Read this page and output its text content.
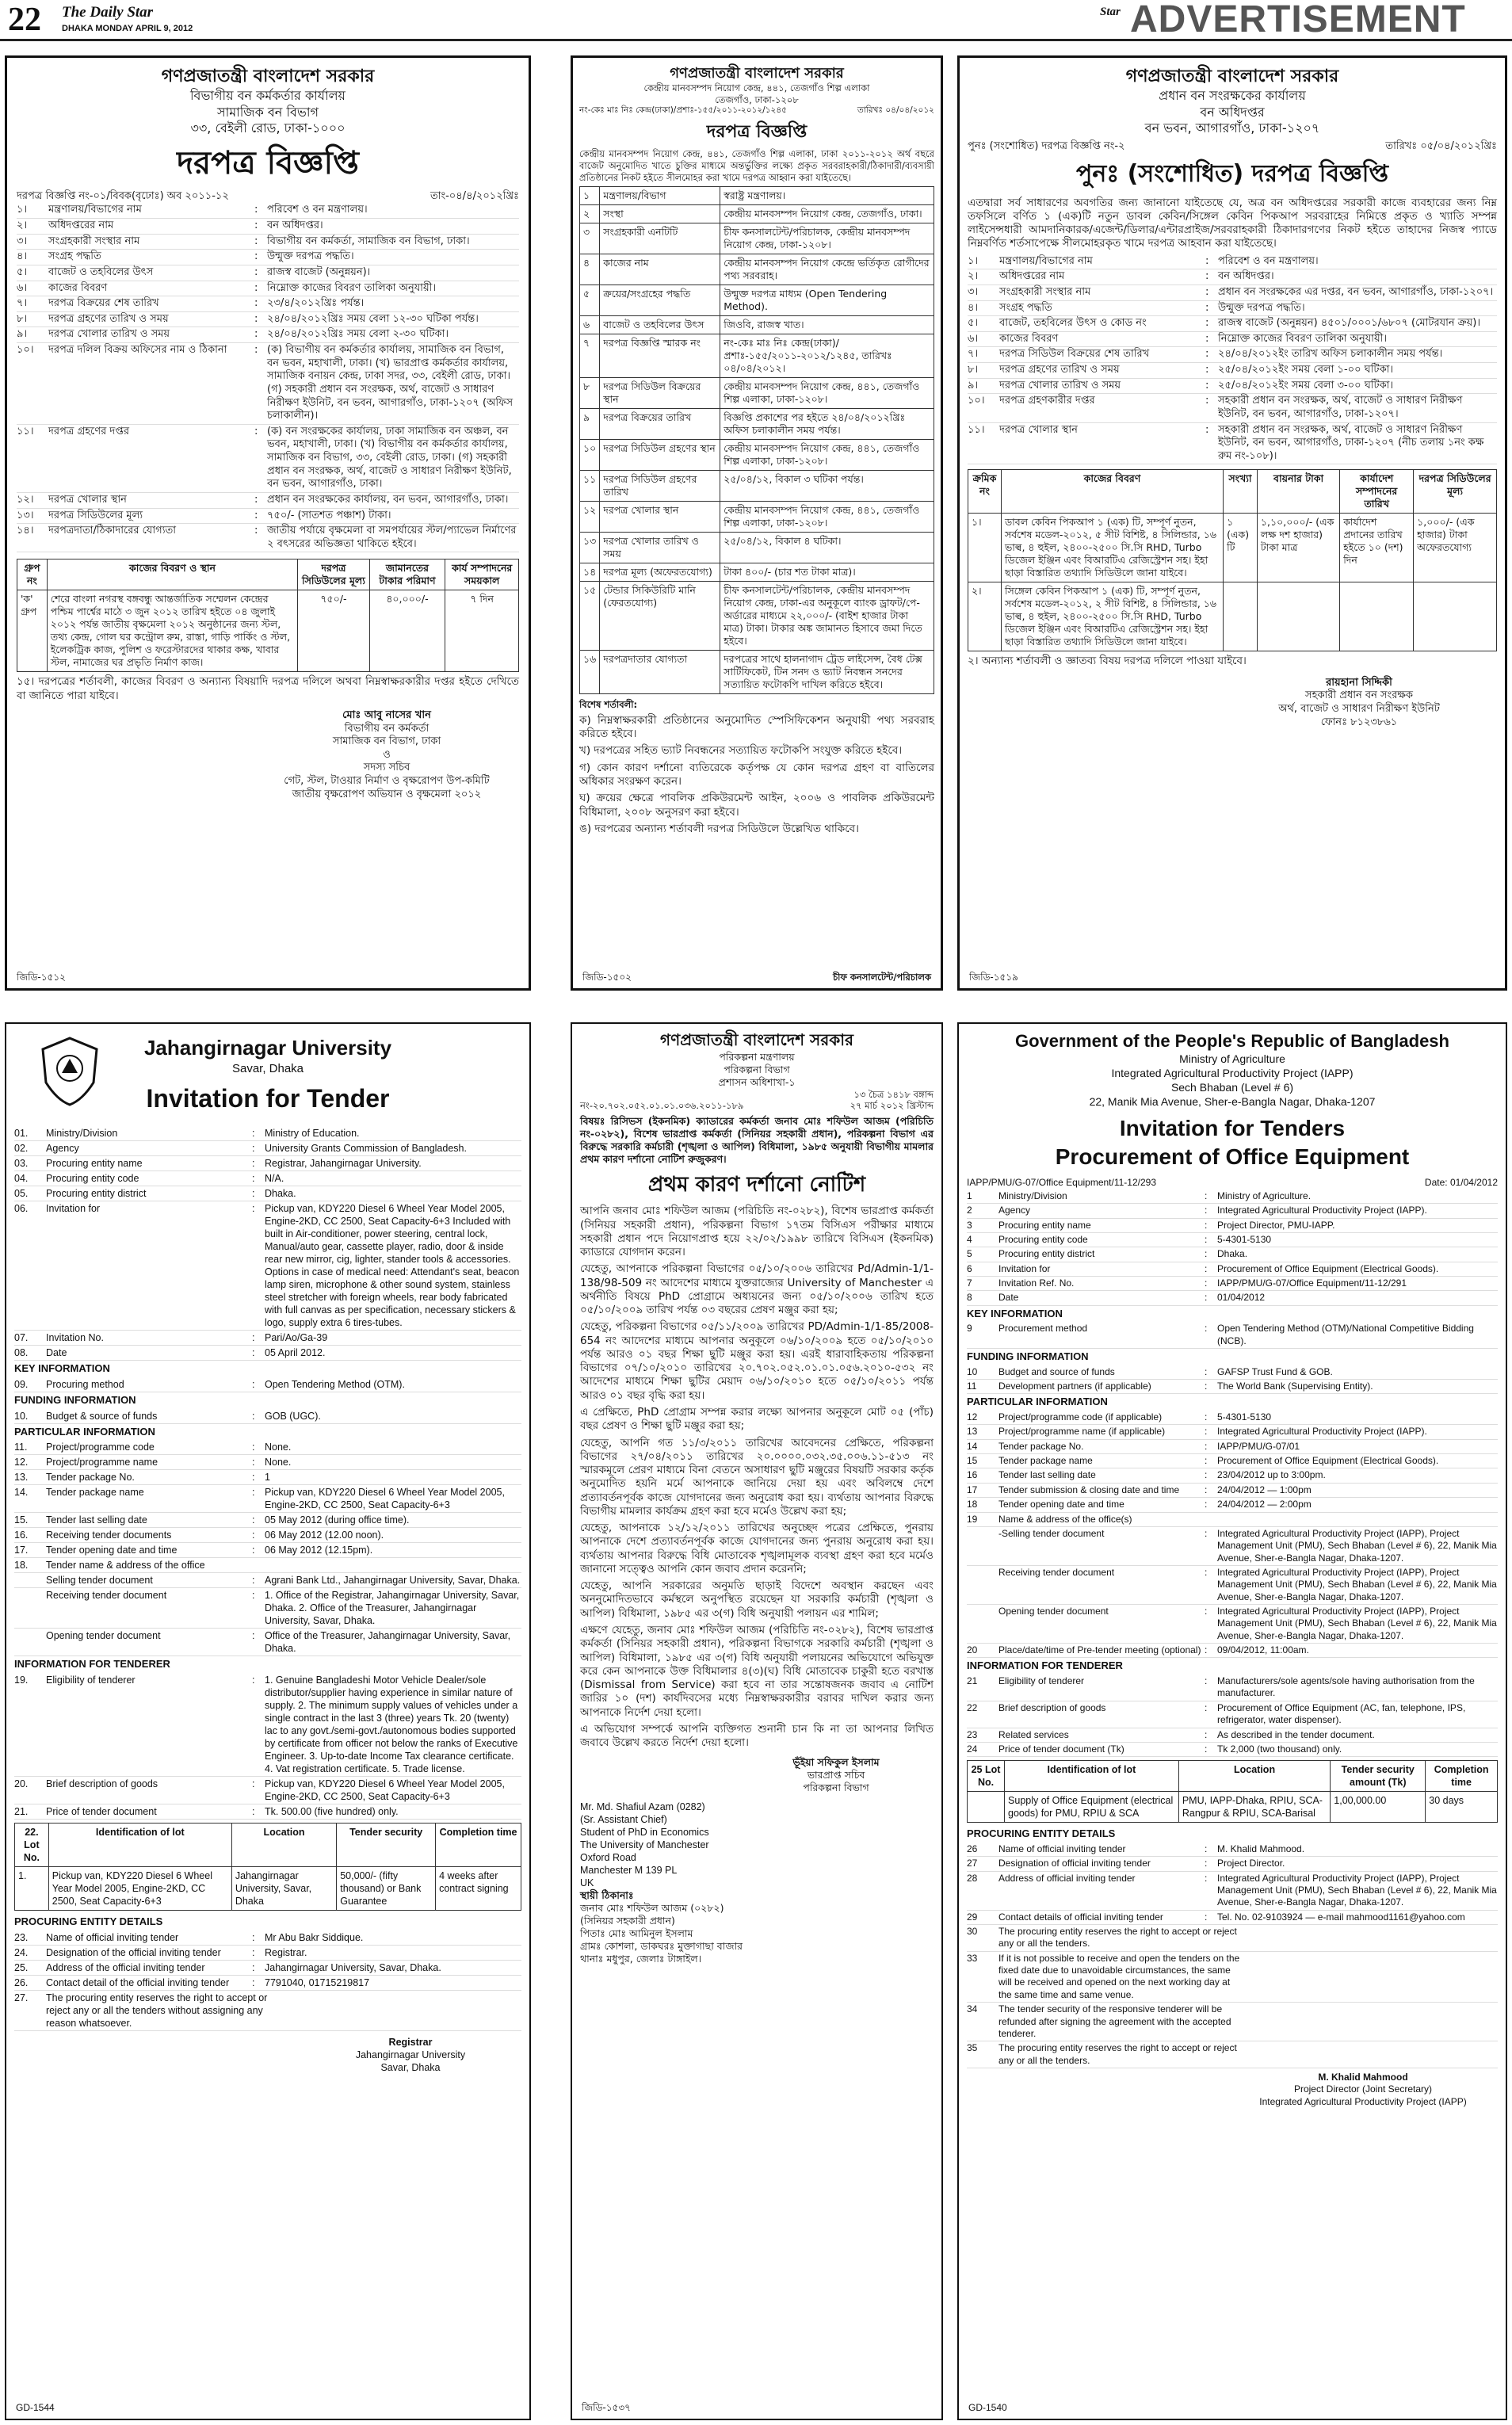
22 The Daily Star
DHAKA MONDAY APRIL 9, 2012
Star ADVERTISEMENT
গণপ্রজাতন্ত্রী বাংলাদেশ সরকার
বিভাগীয় বন কর্মকর্তার কার্যালয়
সামাজিক বন বিভাগ
৩৩, বেইলী রোড, ঢাকা-১০০০
দরপত্র বিজ্ঞপ্তি
দরপত্র বিজ্ঞপ্তি নং-০১/বিবক(বৃঢোঃ) অব ২০১১-১২	তাং-০৪/৪/২০১২খ্রিঃ
১।	মন্ত্রণালয়/বিভাগের নাম	: পরিবেশ ও বন মন্ত্রণালয়।
২।	অধিদপ্তরের নাম	: বন অধিদপ্তর।
৩।	সংগ্রহকারী সংস্থার নাম	: বিভাগীয় বন কর্মকর্তা, সামাজিক বন বিভাগ, ঢাকা।
৪।	সংগ্রহ পদ্ধতি	: উন্মুক্ত দরপত্র পদ্ধতি।
৫।	বাজেট ও তহবিলের উৎস	: রাজস্ব বাজেট (অনুন্নয়ন)।
৬।	কাজের বিবরণ	: নিম্নোক্ত কাজের বিবরণ তালিকা অনুযায়ী।
৭।	দরপত্র বিক্রয়ের শেষ তারিখ	: ২৩/৪/২০১২খ্রিঃ পর্যন্ত।
৮।	দরপত্র গ্রহণের তারিখ ও সময়	: ২৪/০৪/২০১২খ্রিঃ সময় বেলা ১২-৩০ ঘটিকা পর্যন্ত।
৯।	দরপত্র খোলার তারিখ ও সময়	: ২৪/০৪/২০১২খ্রিঃ সময় বেলা ২-৩০ ঘটিকা।
১০।	দরপত্র দলিল বিক্রয় অফিসের নাম ও ঠিকানা	: (ক) বিভাগীয় বন কর্মকর্তার কার্যালয়, সামাজিক বন বিভাগ, বন ভবন, মহাখালী, ঢাকা। (খ) ভারপ্রাপ্ত কর্মকর্তার কার্যালয়, সামাজিক বনায়ন কেন্দ্র, ঢাকা সদর, ৩৩, বেইলী রোড, ঢাকা। (গ) সহকারী প্রধান বন সংরক্ষক, অর্থ, বাজেট ও সাধারণ নিরীক্ষণ ইউনিট, বন ভবন, আগারগাঁও, ঢাকা-১২০৭ (অফিস চলাকালীন)।
১১।	দরপত্র গ্রহণের দপ্তর	: (ক) বন সংরক্ষকের কার্যালয়, ঢাকা সামাজিক বন অঞ্চল, বন ভবন, মহাখালী, ঢাকা। (খ) বিভাগীয় বন কর্মকর্তার কার্যালয়, সামাজিক বন বিভাগ, ৩৩, বেইলী রোড, ঢাকা। (গ) সহকারী প্রধান বন সংরক্ষক, অর্থ, বাজেট ও সাধারণ নিরীক্ষণ ইউনিট, বন ভবন, আগারগাঁও, ঢাকা।
১২।	দরপত্র খোলার স্থান	: প্রধান বন সংরক্ষকের কার্যালয়, বন ভবন, আগারগাঁও, ঢাকা।
১৩।	দরপত্র সিডিউলের মূল্য	: ৭৫০/- (সাতশত পঞ্চাশ) টাকা।
১৪।	দরপত্রদাতা/ঠিকাদারের যোগ্যতা	: জাতীয় পর্যায়ে বৃক্ষমেলা বা সমপর্যায়ের স্টল/প্যাভেল নির্মাণের ২ বৎসরের অভিজ্ঞতা থাকিতে হইবে।
গ্রুপ নং	কাজের বিবরণ ও স্থান	দরপত্র সিডিউলের মূল্য	জামানতের টাকার পরিমাণ	কার্য সম্পাদনের সময়কাল
'ক' গ্রুপ	শেরে বাংলা নগরস্থ বঙ্গবন্ধু আন্তর্জাতিক সম্মেলন কেন্দ্রের পশ্চিম পার্শ্বের মাঠে ৩ জুন ২০১২ তারিখ হইতে ০৪ জুলাই ২০১২ পর্যন্ত জাতীয় বৃক্ষমেলা ২০১২ অনুষ্ঠানের জন্য স্টল, তথ্য কেন্দ্র, গোল ঘর কন্ট্রোল রুম, রাস্তা, গাড়ি পার্কিং ও স্টল, ইলেকট্রিক কাজ, পুলিশ ও ফরেস্টারদের থাকার কক্ষ, খাবার স্টল, নামাজের ঘর প্রভৃতি নির্মাণ কাজ।	৭৫০/-	৪০,০০০/-	৭ দিন
১৫। দরপত্রের শর্তাবলী, কাজের বিবরণ ও অন্যান্য বিষয়াদি দরপত্র দলিলে অথবা নিম্নস্বাক্ষরকারীর দপ্তর হইতে দেখিতে বা জানিতে পারা যাইবে।
মোঃ আবু নাসের খান
বিভাগীয় বন কর্মকর্তা
সামাজিক বন বিভাগ, ঢাকা
ও
সদস্য সচিব
গেট, স্টল, টাওয়ার নির্মাণ ও বৃক্ষরোপণ উপ-কমিটি
জাতীয় বৃক্ষরোপণ অভিযান ও বৃক্ষমেলা ২০১২
জিডি-১৫১২
গণপ্রজাতন্ত্রী বাংলাদেশ সরকার
কেন্দ্রীয় মানবসম্পদ নিয়োগ কেন্দ্র, ৪৪১, তেজগাঁও শিল্প এলাকা
তেজগাঁও, ঢাকা-১২০৮
নং-কেঃ মাঃ নিঃ কেন্দ্র(ঢাকা)/প্রশাঃ-১৫৫/২০১১-২০১২/১২৪৫	তারিখঃ ০৪/০৪/২০১২
দরপত্র বিজ্ঞপ্তি
কেন্দ্রীয় মানবসম্পদ নিয়োগ কেন্দ্র, ৪৪১, তেজগাঁও শিল্প এলাকা, ঢাকা ২০১১-২০১২ অর্থ বছরে বাজেট অনুমোদিত খাতে চুক্তির মাধ্যমে অন্তর্ভুক্তির লক্ষ্যে প্রকৃত সরবরাহকারী/ঠিকাদারী/ব্যবসায়ী প্রতিষ্ঠানের নিকট হইতে সীলমোহর করা খামে দরপত্র আহ্বান করা যাইতেছে।
১	মন্ত্রণালয়/বিভাগ	স্বরাষ্ট্র মন্ত্রণালয়।
২	সংস্থা	কেন্দ্রীয় মানবসম্পদ নিয়োগ কেন্দ্র, তেজগাঁও, ঢাকা।
৩	সংগ্রহকারী এনটিটি	চীফ কনসালটেন্ট/পরিচালক, কেন্দ্রীয় মানবসম্পদ নিয়োগ কেন্দ্র, ঢাকা-১২০৮।
৪	কাজের নাম	কেন্দ্রীয় মানবসম্পদ নিয়োগ কেন্দ্রে ভর্তিকৃত রোগীদের পথ্য সরবরাহ।
৫	ক্রয়ের/সংগ্রহের পদ্ধতি	উন্মুক্ত দরপত্র মাধ্যম (Open Tendering Method).
৬	বাজেট ও তহবিলের উৎস	জিওবি, রাজস্ব খাত।
৭	দরপত্র বিজ্ঞপ্তি স্মারক নং	নং-কেঃ মাঃ নিঃ কেন্দ্র(ঢাকা)/প্রশাঃ-১৫৫/২০১১-২০১২/১২৪৫, তারিখঃ ০৪/০৪/২০১২।
৮	দরপত্র সিডিউল বিক্রয়ের স্থান	কেন্দ্রীয় মানবসম্পদ নিয়োগ কেন্দ্র, ৪৪১, তেজগাঁও শিল্প এলাকা, ঢাকা-১২০৮।
৯	দরপত্র বিক্রয়ের তারিখ	বিজ্ঞপ্তি প্রকাশের পর হইতে ২৪/০৪/২০১২খ্রিঃ অফিস চলাকালীন সময় পর্যন্ত।
১০	দরপত্র সিডিউল গ্রহণের স্থান	কেন্দ্রীয় মানবসম্পদ নিয়োগ কেন্দ্র, ৪৪১, তেজগাঁও শিল্প এলাকা, ঢাকা-১২০৮।
১১	দরপত্র সিডিউল গ্রহণের তারিখ	২৫/০৪/১২, বিকাল ৩ ঘটিকা পর্যন্ত।
১২	দরপত্র খোলার স্থান	কেন্দ্রীয় মানবসম্পদ নিয়োগ কেন্দ্র, ৪৪১, তেজগাঁও শিল্প এলাকা, ঢাকা-১২০৮।
১৩	দরপত্র খোলার তারিখ ও সময়	২৫/০৪/১২, বিকাল ৪ ঘটিকা।
১৪	দরপত্র মূল্য (অফেরতযোগ্য)	টাকা ৪০০/- (চার শত টাকা মাত্র)।
১৫	টেন্ডার সিকিউরিটি মানি (ফেরতযোগ্য)	চীফ কনসালটেন্ট/পরিচালক, কেন্দ্রীয় মানবসম্পদ নিয়োগ কেন্দ্র, ঢাকা-এর অনুকূলে ব্যাংক ড্রাফট/পে-অর্ডারের মাধ্যমে ২২,০০০/- (বাইশ হাজার টাকা মাত্র) টাকা। টাকার অঙ্ক জামানত হিসাবে জমা দিতে হইবে।
১৬	দরপত্রদাতার যোগ্যতা	দরপত্রের সাথে হালনাগাদ ট্রেড লাইসেন্স, বৈধ টেক্স সার্টিফিকেট, টিন সনদ ও ভ্যাট নিবন্ধন সনদের সত্যায়িত ফটোকপি দাখিল করিতে হইবে।
বিশেষ শর্তাবলী:
ক) নিম্নস্বাক্ষরকারী প্রতিষ্ঠানের অনুমোদিত স্পেসিফিকেশন অনুযায়ী পথ্য সরবরাহ করিতে হইবে।
খ) দরপত্রের সহিত ভ্যাট নিবন্ধনের সত্যায়িত ফটোকপি সংযুক্ত করিতে হইবে।
গ) কোন কারণ দর্শানো ব্যতিরেকে কর্তৃপক্ষ যে কোন দরপত্র গ্রহণ বা বাতিলের অধিকার সংরক্ষণ করেন।
ঘ) ক্রয়ের ক্ষেত্রে পাবলিক প্রকিউরমেন্ট আইন, ২০০৬ ও পাবলিক প্রকিউরমেন্ট বিধিমালা, ২০০৮ অনুসরণ করা হইবে।
ঙ) দরপত্রের অন্যান্য শর্তাবলী দরপত্র সিডিউলে উল্লেখিত থাকিবে।
জিডি-১৫০২	চীফ কনসালটেন্ট/পরিচালক
গণপ্রজাতন্ত্রী বাংলাদেশ সরকার
প্রধান বন সংরক্ষকের কার্যালয়
বন অধিদপ্তর
বন ভবন, আগারগাঁও, ঢাকা-১২০৭
পুনঃ (সংশোধিত) দরপত্র বিজ্ঞপ্তি নং-২	তারিখঃ ০৫/০৪/২০১২খ্রিঃ
পুনঃ (সংশোধিত) দরপত্র বিজ্ঞপ্তি
এতদ্বারা সর্ব সাধারণের অবগতির জন্য জানানো যাইতেছে যে, অত্র বন অধিদপ্তরের সরকারী কাজে ব্যবহারের জন্য নিম্ন তফসিলে বর্ণিত ১ (এক)টি নতুন ডাবল কেবিন/সিঙ্গেল কেবিন পিকআপ সরবরাহের নিমিত্তে প্রকৃত ও খ্যাতি সম্পন্ন লাইসেন্সধারী আমদানিকারক/এজেন্ট/ডিলার/এন্টারপ্রাইজ/সরবরাহকারী ঠিকাদারগণের নিকট হইতে তাহাদের নিজস্ব প্যাডে নিম্নবর্ণিত শর্তসাপেক্ষে সীলমোহরকৃত খামে দরপত্র আহবান করা যাইতেছে।
১।	মন্ত্রণালয়/বিভাগের নাম	: পরিবেশ ও বন মন্ত্রণালয়।
২।	অধিদপ্তরের নাম	: বন অধিদপ্তর।
৩।	সংগ্রহকারী সংস্থার নাম	: প্রধান বন সংরক্ষকের এর দপ্তর, বন ভবন, আগারগাঁও, ঢাকা-১২০৭।
৪।	সংগ্রহ পদ্ধতি	: উন্মুক্ত দরপত্র পদ্ধতি।
৫।	বাজেট, তহবিলের উৎস ও কোড নং	: রাজস্ব বাজেট (অনুন্নয়ন) ৪৫০১/০০০১/৬৮০৭ (মোটরযান ক্রয়)।
৬।	কাজের বিবরণ	: নিম্নোক্ত কাজের বিবরণ তালিকা অনুযায়ী।
৭।	দরপত্র সিডিউল বিক্রয়ের শেষ তারিখ	: ২৪/০৪/২০১২ইং তারিখ অফিস চলাকালীন সময় পর্যন্ত।
৮।	দরপত্র গ্রহণের তারিখ ও সময়	: ২৫/০৪/২০১২ইং সময় বেলা ১-০০ ঘটিকা।
৯।	দরপত্র খোলার তারিখ ও সময়	: ২৫/০৪/২০১২ইং সময় বেলা ৩-০০ ঘটিকা।
১০।	দরপত্র গ্রহণকারীর দপ্তর	: সহকারী প্রধান বন সংরক্ষক, অর্থ, বাজেট ও সাধারণ নিরীক্ষণ ইউনিট, বন ভবন, আগারগাঁও, ঢাকা-১২০৭।
১১।	দরপত্র খোলার স্থান	: সহকারী প্রধান বন সংরক্ষক, অর্থ, বাজেট ও সাধারণ নিরীক্ষণ ইউনিট, বন ভবন, আগারগাঁও, ঢাকা-১২০৭ (নীচ তলায় ১নং কক্ষ রুম নং-১০৮)।
ক্রমিক নং	কাজের বিবরণ	সংখ্যা	বায়নার টাকা	কার্যাদেশ সম্পাদনের তারিখ	দরপত্র সিডিউলের মূল্য
১।	ডাবল কেবিন পিকআপ ১ (এক) টি, সম্পূর্ণ নুতন, সর্বশেষ মডেল-২০১২, ৫ সীট বিশিষ্ট, ৪ সিলিন্ডার, ১৬ ভাল্ব, ৪ হুইল, ২৪০০-২৫০০ সি.সি RHD, Turbo ডিজেল ইঞ্জিন এবং বিআরটিএ রেজিস্ট্রেশন সহ। ইহা ছাড়া বিস্তারিত তথ্যাদি সিডিউলে জানা যাইবে।	১ (এক) টি	১,১০,০০০/- (এক লক্ষ দশ হাজার) টাকা মাত্র	কার্যাদেশ প্রদানের তারিখ হইতে ১০ (দশ) দিন	১,০০০/- (এক হাজার) টাকা অফেরতযোগ্য
২।	সিঙ্গেল কেবিন পিকআপ ১ (এক) টি, সম্পূর্ণ নুতন, সর্বশেষ মডেল-২০১২, ২ সীট বিশিষ্ট, ৪ সিলিন্ডার, ১৬ ভাল্ব, ৪ হুইল, ২৪০০-২৫০০ সি.সি RHD, Turbo ডিজেল ইঞ্জিন এবং বিআরটিএ রেজিস্ট্রেশন সহ। ইহা ছাড়া বিস্তারিত তথ্যাদি সিডিউলে জানা যাইবে।				
২। অন্যান্য শর্তাবলী ও জ্ঞাতব্য বিষয় দরপত্র দলিলে পাওয়া যাইবে।
রায়হানা সিদ্দিকী
সহকারী প্রধান বন সংরক্ষক
অর্থ, বাজেট ও সাধারণ নিরীক্ষণ ইউনিট
ফোনঃ ৮১২৩৮৬১
জিডি-১৫১৯
Jahangirnagar University
Savar, Dhaka
Invitation for Tender
01.	Ministry/Division	:	Ministry of Education.
02.	Agency	:	University Grants Commission of Bangladesh.
03.	Procuring entity name	:	Registrar, Jahangirnagar University.
04.	Procuring entity code	:	N/A.
05.	Procuring entity district	:	Dhaka.
06.	Invitation for	:	Pickup van, KDY220 Diesel 6 Wheel Year Model 2005, Engine-2KD, CC 2500, Seat Capacity-6+3 Included with built in Air-conditioner, power steering, central lock, Manual/auto gear, cassette player, radio, door & inside rear new mirror, cig, lighter, stander tools & accessories. Options in case of medical need: Attendant's seat, beacon lamp siren, microphone & other sound system, stainless steel stretcher with foreign wheels, rear body fabricated with full canvas as per specification, necessary stickers & logo, supply extra 6 tires-tubes.
07.	Invitation No.	:	Pari/Ao/Ga-39
08.	Date	:	05 April 2012.
KEY INFORMATION
09.	Procuring method	:	Open Tendering Method (OTM).
FUNDING INFORMATION
10.	Budget & source of funds	:	GOB (UGC).
PARTICULAR INFORMATION
11.	Project/programme code	:	None.
12.	Project/programme name	:	None.
13.	Tender package No.	:	1
14.	Tender package name	:	Pickup van, KDY220 Diesel 6 Wheel Year Model 2005, Engine-2KD, CC 2500, Seat Capacity-6+3
15.	Tender last selling date	:	05 May 2012 (during office time).
16.	Receiving tender documents	:	06 May 2012 (12.00 noon).
17.	Tender opening date and time	:	06 May 2012 (12.15pm).
18.	Tender name & address of the office
Selling tender document	:	Agrani Bank Ltd., Jahangirnagar University, Savar, Dhaka.
Receiving tender document	:	1. Office of the Registrar, Jahangirnagar University, Savar, Dhaka. 2. Office of the Treasurer, Jahangirnagar University, Savar, Dhaka.
Opening tender document	:	Office of the Treasurer, Jahangirnagar University, Savar, Dhaka.
INFORMATION FOR TENDERER
19.	Eligibility of tenderer	:	1. Genuine Bangladeshi Motor Vehicle Dealer/sole distributor/supplier having experience in similar nature of supply. 2. The minimum supply values of vehicles under a single contract in the last 3 (three) years Tk. 20 (twenty) lac to any govt./semi-govt./autonomous bodies supported by certificate from officer not below the ranks of Executive Engineer. 3. Up-to-date Income Tax clearance certificate. 4. Vat registration certificate. 5. Trade license.
20.	Brief description of goods	:	Pickup van, KDY220 Diesel 6 Wheel Year Model 2005, Engine-2KD, CC 2500, Seat Capacity-6+3
21.	Price of tender document	:	Tk. 500.00 (five hundred) only.
22. Lot No.	Identification of lot	Location	Tender security	Completion time
1.	Pickup van, KDY220 Diesel 6 Wheel Year Model 2005, Engine-2KD, CC 2500, Seat Capacity-6+3	Jahangirnagar University, Savar, Dhaka	50,000/- (fifty thousand) or Bank Guarantee	4 weeks after contract signing
PROCURING ENTITY DETAILS
23.	Name of official inviting tender	:	Mr Abu Bakr Siddique.
24.	Designation of the official inviting tender	:	Registrar.
25.	Address of the official inviting tender	:	Jahangirnagar University, Savar, Dhaka.
26.	Contact detail of the official inviting tender	:	7791040, 01715219817
27.	The procuring entity reserves the right to accept or reject any or all the tenders without assigning any reason whatsoever.
Registrar
Jahangirnagar University
Savar, Dhaka
GD-1544
গণপ্রজাতন্ত্রী বাংলাদেশ সরকার
পরিকল্পনা মন্ত্রণালয়
পরিকল্পনা বিভাগ
প্রশাসন অধিশাখা-১
১৩ চৈত্র ১৪১৮ বঙ্গাব্দ
নং-২০.৭০২.০৫২.০১.০১.০৩৬.২০১১-১৮৯	২৭ মার্চ ২০১২ খ্রিস্টাব্দ
বিষয়ঃ রিসিভস (ইকনমিক) ক্যাডারের কর্মকর্তা জনাব মোঃ শফিউল আজম (পরিচিতি নং-০২৮২), বিশেষ ভারপ্রাপ্ত কর্মকর্তা (সিনিয়র সহকারী প্রধান), পরিকল্পনা বিভাগ এর বিরুদ্ধে সরকারি কর্মচারী (শৃঙ্খলা ও আপিল) বিধিমালা, ১৯৮৫ অনুযায়ী বিভাগীয় মামলার প্রথম কারণ দর্শানো নোটিশ রুজুকরণ।
প্রথম কারণ দর্শানো নোটিশ
আপনি জনাব মোঃ শফিউল আজম (পরিচিতি নং-০২৮২), বিশেষ ভারপ্রাপ্ত কর্মকর্তা (সিনিয়র সহকারী প্রধান), পরিকল্পনা বিভাগ ১৭তম বিসিএস পরীক্ষার মাধ্যমে সহকারী প্রধান পদে নিয়োগপ্রাপ্ত হয়ে ২২/০২/১৯৯৮ তারিখে বিসিএস (ইকনমিক) ক্যাডারে যোগদান করেন।
যেহেতু, আপনাকে পরিকল্পনা বিভাগের ০৫/১০/২০০৬ তারিখের Pd/Admin-1/1-138/98-509 নং আদেশের মাধ্যমে যুক্তরাজ্যের University of Manchester এ অর্থনীতি বিষয়ে PhD প্রোগ্রামে অধ্যয়নের জন্য ০৫/১০/২০০৬ তারিখ হতে ০৫/১০/২০০৯ তারিখ পর্যন্ত ০৩ বছরের প্রেষণ মঞ্জুর করা হয়;
যেহেতু, পরিকল্পনা বিভাগের ০৫/১১/২০০৯ তারিখের PD/Admin-1/1-85/2008-654 নং আদেশের মাধ্যমে আপনার অনুকূলে ০৬/১০/২০০৯ হতে ০৫/১০/২০১০ পর্যন্ত আরও ০১ বছর শিক্ষা ছুটি মঞ্জুর করা হয়। এরই ধারাবাহিকতায় পরিকল্পনা বিভাগের ০৭/১০/২০১০ তারিখের ২০.৭০২.০৫২.০১.০১.০৫৬.২০১০-৫৩২ নং আদেশের মাধ্যমে শিক্ষা ছুটির মেয়াদ ০৬/১০/২০১০ হতে ০৫/১০/২০১১ পর্যন্ত আরও ০১ বছর বৃদ্ধি করা হয়।
এ প্রেক্ষিতে, PhD প্রোগ্রাম সম্পন্ন করার লক্ষ্যে আপনার অনুকূলে মোট ০৫ (পাঁচ) বছর প্রেষণ ও শিক্ষা ছুটি মঞ্জুর করা হয়;
যেহেতু, আপনি গত ১১/৩/২০১১ তারিখের আবেদনের প্রেক্ষিতে, পরিকল্পনা বিভাগের ২৭/০৪/২০১১ তারিখের ২০.০০০০.০৩২.৩৫.০০৬.১১-৫১৩ নং স্মারকমূলে প্রেরণ মাধ্যমে বিনা বেতনে অসাধারণ ছুটি মঞ্জুরের বিষয়টি সরকার কর্তৃক অনুমোদিত হয়নি মর্মে আপনাকে জানিয়ে দেয়া হয় এবং অবিলম্বে দেশে প্রত্যাবর্তনপূর্বক কাজে যোগদানের জন্য অনুরোধ করা হয়। ব্যর্থতায় আপনার বিরুদ্ধে বিভাগীয় মামলার কার্যক্রম গ্রহণ করা হবে মর্মেও উল্লেখ করা হয়;
যেহেতু, আপনাকে ১২/১২/২০১১ তারিখের অনুচ্ছেদ পত্রের প্রেক্ষিতে, পুনরায় আপনাকে দেশে প্রত্যাবর্তনপূর্বক কাজে যোগদানের জন্য পুনরায় অনুরোধ করা হয়। ব্যর্থতায় আপনার বিরুদ্ধে বিধি মোতাবেক শৃঙ্খলামূলক ব্যবস্থা গ্রহণ করা হবে মর্মেও জানানো সত্ত্বেও আপনি কোন জবাব প্রদান করেননি;
যেহেতু, আপনি সরকারের অনুমতি ছাড়াই বিদেশে অবস্থান করছেন এবং অননুমোদিতভাবে কর্মস্থলে অনুপস্থিত রয়েছেন যা সরকারি কর্মচারী (শৃঙ্খলা ও আপিল) বিধিমালা, ১৯৮৫ এর ৩(গ) বিধি অনুযায়ী পলায়ন এর শামিল;
এক্ষণে যেহেতু, জনাব মোঃ শফিউল আজম (পরিচিতি নং-০২৮২), বিশেষ ভারপ্রাপ্ত কর্মকর্তা (সিনিয়র সহকারী প্রধান), পরিকল্পনা বিভাগকে সরকারি কর্মচারী (শৃঙ্খলা ও আপিল) বিধিমালা, ১৯৮৫ এর ৩(গ) বিধি অনুযায়ী পলায়নের অভিযোগে অভিযুক্ত করে কেন আপনাকে উক্ত বিধিমালার ৪(৩)(ঘ) বিধি মোতাবেক চাকুরী হতে বরখাস্ত (Dismissal from Service) করা হবে না তার সন্তোষজনক জবাব এ নোটিশ জারির ১০ (দশ) কার্যদিবসের মধ্যে নিম্নস্বাক্ষরকারীর বরাবর দাখিল করার জন্য আপনাকে নির্দেশ দেয়া হলো।
এ অভিযোগ সম্পর্কে আপনি ব্যক্তিগত শুনানী চান কি না তা আপনার লিখিত জবাবে উল্লেখ করতে নির্দেশ দেয়া হলো।
ভূঁইয়া সফিকুল ইসলাম
ভারপ্রাপ্ত সচিব
পরিকল্পনা বিভাগ
Mr. Md. Shafiul Azam (0282)
(Sr. Assistant Chief)
Student of PhD in Economics
The University of Manchester
Oxford Road
Manchester M 139 PL
UK
স্থায়ী ঠিকানাঃ
জনাব মোঃ শফিউল আজম (০২৮২)
(সিনিয়র সহকারী প্রধান)
পিতাঃ মোঃ আমিনুল ইসলাম
গ্রামঃ কোশলা, ডাকঘরঃ মুক্তাগাছা বাজার
থানাঃ মধুপুর, জেলাঃ টাঙ্গাইল।
জিডি-১৫৩৭
Government of the People's Republic of Bangladesh
Ministry of Agriculture
Integrated Agricultural Productivity Project (IAPP)
Sech Bhaban (Level # 6)
22, Manik Mia Avenue, Sher-e-Bangla Nagar, Dhaka-1207
Invitation for Tenders
Procurement of Office Equipment
IAPP/PMU/G-07/Office Equipment/11-12/293	Date: 01/04/2012
1	Ministry/Division	:	Ministry of Agriculture.
2	Agency	:	Integrated Agricultural Productivity Project (IAPP).
3	Procuring entity name	:	Project Director, PMU-IAPP.
4	Procuring entity code	:	5-4301-5130
5	Procuring entity district	:	Dhaka.
6	Invitation for	:	Procurement of Office Equipment (Electrical Goods).
7	Invitation Ref. No.	:	IAPP/PMU/G-07/Office Equipment/11-12/291
8	Date	:	01/04/2012
KEY INFORMATION
9	Procurement method	:	Open Tendering Method (OTM)/National Competitive Bidding (NCB).
FUNDING INFORMATION
10	Budget and source of funds	:	GAFSP Trust Fund & GOB.
11	Development partners (if applicable)	:	The World Bank (Supervising Entity).
PARTICULAR INFORMATION
12	Project/programme code (if applicable)	:	5-4301-5130
13	Project/programme name (if applicable)	:	Integrated Agricultural Productivity Project (IAPP).
14	Tender package No.	:	IAPP/PMU/G-07/01
15	Tender package name	:	Procurement of Office Equipment (Electrical Goods).
16	Tender last selling date	:	23/04/2012 up to 3:00pm.
17	Tender submission & closing date and time	:	24/04/2012 — 1:00pm
18	Tender opening date and time	:	24/04/2012 — 2:00pm
19	Name & address of the office(s)
-Selling tender document	:	Integrated Agricultural Productivity Project (IAPP), Project Management Unit (PMU), Sech Bhaban (Level # 6), 22, Manik Mia Avenue, Sher-e-Bangla Nagar, Dhaka-1207.
Receiving tender document	:	Integrated Agricultural Productivity Project (IAPP), Project Management Unit (PMU), Sech Bhaban (Level # 6), 22, Manik Mia Avenue, Sher-e-Bangla Nagar, Dhaka-1207.
Opening tender document	:	Integrated Agricultural Productivity Project (IAPP), Project Management Unit (PMU), Sech Bhaban (Level # 6), 22, Manik Mia Avenue, Sher-e-Bangla Nagar, Dhaka-1207.
20	Place/date/time of Pre-tender meeting (optional) :	09/04/2012, 11:00am.
INFORMATION FOR TENDERER
21	Eligibility of tenderer	:	Manufacturers/sole agents/sole having authorisation from the manufacturer.
22	Brief description of goods	:	Procurement of Office Equipment (AC, fan, telephone, IPS, refrigerator, water dispenser).
23	Related services	:	As described in the tender document.
24	Price of tender document (Tk)	:	Tk 2,000 (two thousand) only.
25 Lot No.	Identification of lot	Location	Tender security amount (Tk)	Completion time
	Supply of Office Equipment (electrical goods) for PMU, RPIU & SCA	PMU, IAPP-Dhaka, RPIU, SCA-Rangpur & RPIU, SCA-Barisal	1,00,000.00	30 days
PROCURING ENTITY DETAILS
26	Name of official inviting tender	:	M. Khalid Mahmood.
27	Designation of official inviting tender	:	Project Director.
28	Address of official inviting tender	:	Integrated Agricultural Productivity Project (IAPP), Project Management Unit (PMU), Sech Bhaban (Level # 6), 22, Manik Mia Avenue, Sher-e-Bangla Nagar, Dhaka-1207.
29	Contact details of official inviting tender	:	Tel. No. 02-9103924 — e-mail mahmood1161@yahoo.com
30	The procuring entity reserves the right to accept or reject any or all the tenders.
33	If it is not possible to receive and open the tenders on the fixed date due to unavoidable circumstances, the same will be received and opened on the next working day at the same time and same venue.
34	The tender security of the responsive tenderer will be refunded after signing the agreement with the accepted tenderer.
35	The procuring entity reserves the right to accept or reject any or all the tenders.
M. Khalid Mahmood
Project Director (Joint Secretary)
Integrated Agricultural Productivity Project (IAPP)
GD-1540
